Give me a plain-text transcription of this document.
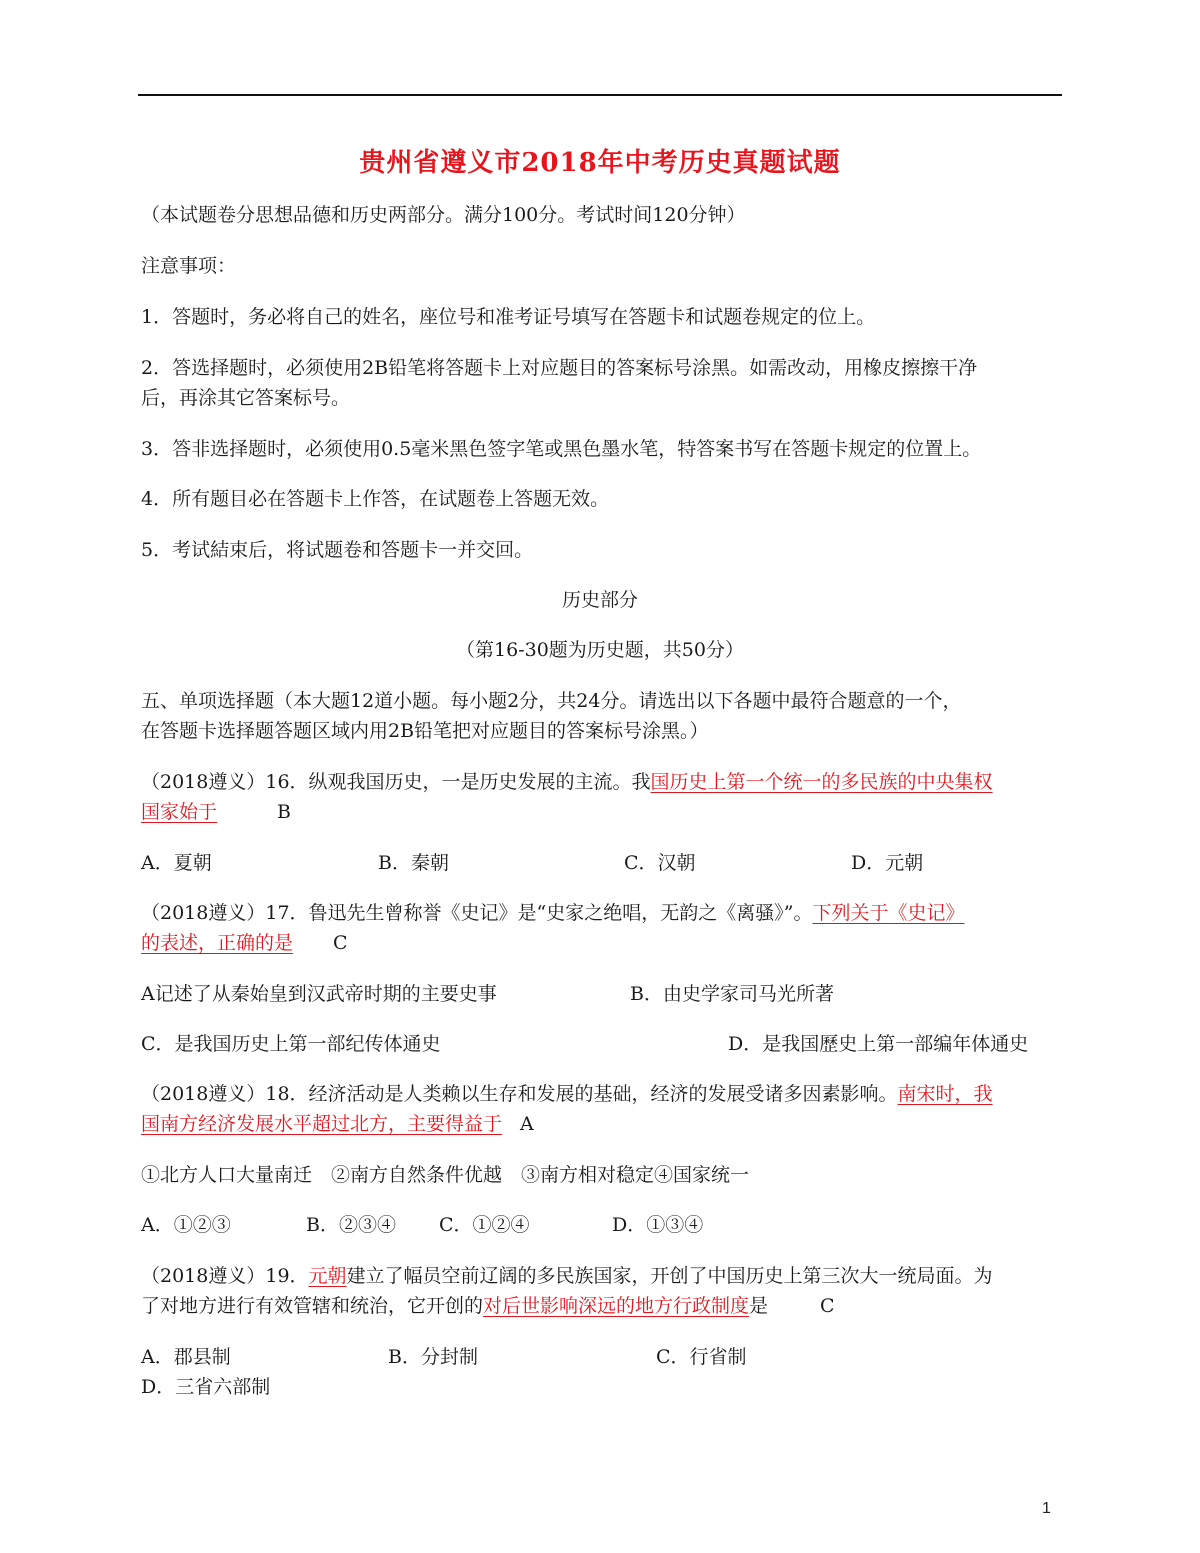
贵州省遵义市2018年中考历史真题试题
（本试题卷分思想品德和历史两部分。满分100分。考试时间120分钟）
注意事项：
1．答题时，务必将自己的姓名，座位号和准考证号填写在答题卡和试题卷规定的位上。
2．答选择题时，必须使用2B铅笔将答题卡上对应题目的答案标号涂黑。如需改动，用橡皮擦擦干净
后，再涂其它答案标号。
3．答非选择题时，必须使用0.5毫米黑色签字笔或黑色墨水笔，特答案书写在答题卡规定的位置上。
4．所有题目必在答题卡上作答，在试题卷上答题无效。
5．考试結束后，将试题卷和答题卡一并交回。
历史部分
（第16-30题为历史题，共50分）
五、单项选择题（本大题12道小题。每小题2分，共24分。请选出以下各题中最符合题意的一个，
在答题卡选择题答题区域内用2B铅笔把对应题目的答案标号涂黑。）
（2018遵义）16．纵观我国历史，一是历史发展的主流。我国历史上第一个统一的多民族的中央集权
国家始于	B
A．夏朝	B．秦朝	C．汉朝	D．元朝
（2018遵义）17．鲁迅先生曾称誉《史记》是“史家之绝唱，无韵之《离骚》”。下列关于《史记》
的表述，正确的是 C
A记述了从秦始皇到汉武帝时期的主要史事	B．由史学家司马光所著
C．是我国历史上第一部纪传体通史	D．是我国歷史上第一部编年体通史
（2018遵义）18．经济活动是人类赖以生存和发展的基础，经济的发展受诸多因素影响。南宋时，我
国南方经济发展水平超过北方，主要得益于 A
①北方人口大量南迁　②南方自然条件优越　③南方相对稳定④国家统一
A．①②③	B．②③④ C．①②④	D．①③④
（2018遵义）19．元朝建立了幅员空前辽阔的多民族国家，开创了中国历史上第三次大一统局面。为
了对地方进行有效管辖和统治，它开创的对后世影响深远的地方行政制度是	C
A．郡县制	B．分封制	C．行省制
D．三省六部制
1
